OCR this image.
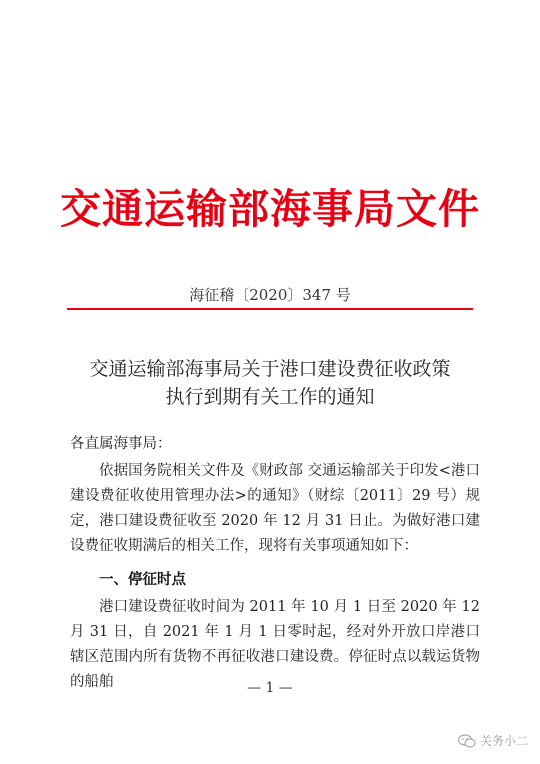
交通运输部海事局文件
海征稽〔2020〕347 号
交通运输部海事局关于港口建设费征收政策
执行到期有关工作的通知
各直属海事局：
依据国务院相关文件及《财政部 交通运输部关于印发<港口建设费征收使用管理办法>的通知》（财综〔2011〕29 号）规定，港口建设费征收至 2020 年 12 月 31 日止。为做好港口建设费征收期满后的相关工作，现将有关事项通知如下：
一、停征时点
港口建设费征收时间为 2011 年 10 月 1 日至 2020 年 12 月 31 日，自 2021 年 1 月 1 日零时起，经对外开放口岸港口辖区范围内所有货物不再征收港口建设费。停征时点以载运货物的船舶	— 1 —
关务小二
